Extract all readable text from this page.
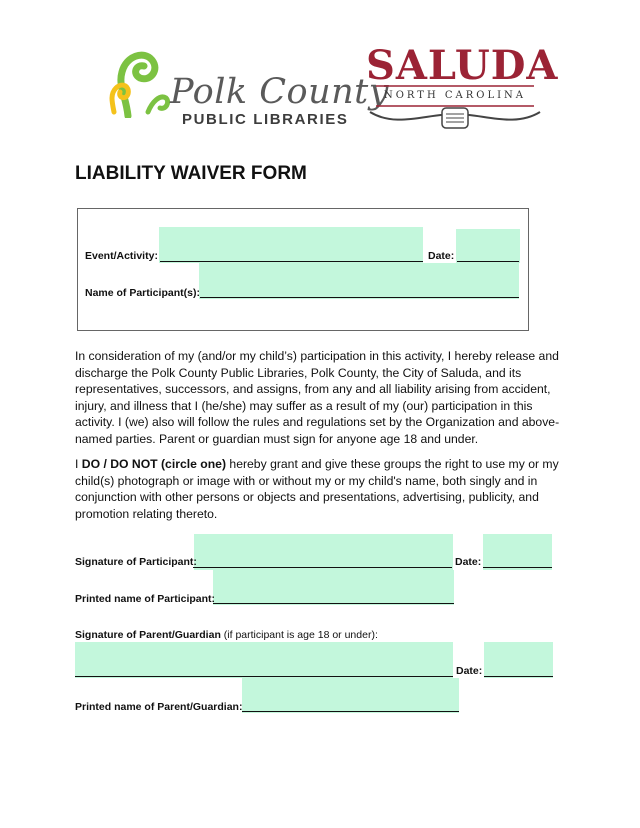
Polk County
PUBLIC LIBRARIES
SALUDA
NORTH CAROLINA
LIABILITY WAIVER FORM
Event/Activity:	Date:
Name of Participant(s):

In consideration of my (and/or my child’s) participation in this activity, I hereby release and discharge the Polk County Public Libraries, Polk County, the City of Saluda, and its representatives, successors, and assigns, from any and all liability arising from accident, injury, and illness that I (he/she) may suffer as a result of my (our) participation in this activity. I (we) also will follow the rules and regulations set by the Organization and above-named parties. Parent or guardian must sign for anyone age 18 and under.

I DO / DO NOT (circle one) hereby grant and give these groups the right to use my or my child(s) photograph or image with or without my or my child's name, both singly and in conjunction with other persons or objects and presentations, advertising, publicity, and promotion relating thereto.

Signature of Participant:	Date:
Printed name of Participant:
Signature of Parent/Guardian (if participant is age 18 or under):
Date:
Printed name of Parent/Guardian:
